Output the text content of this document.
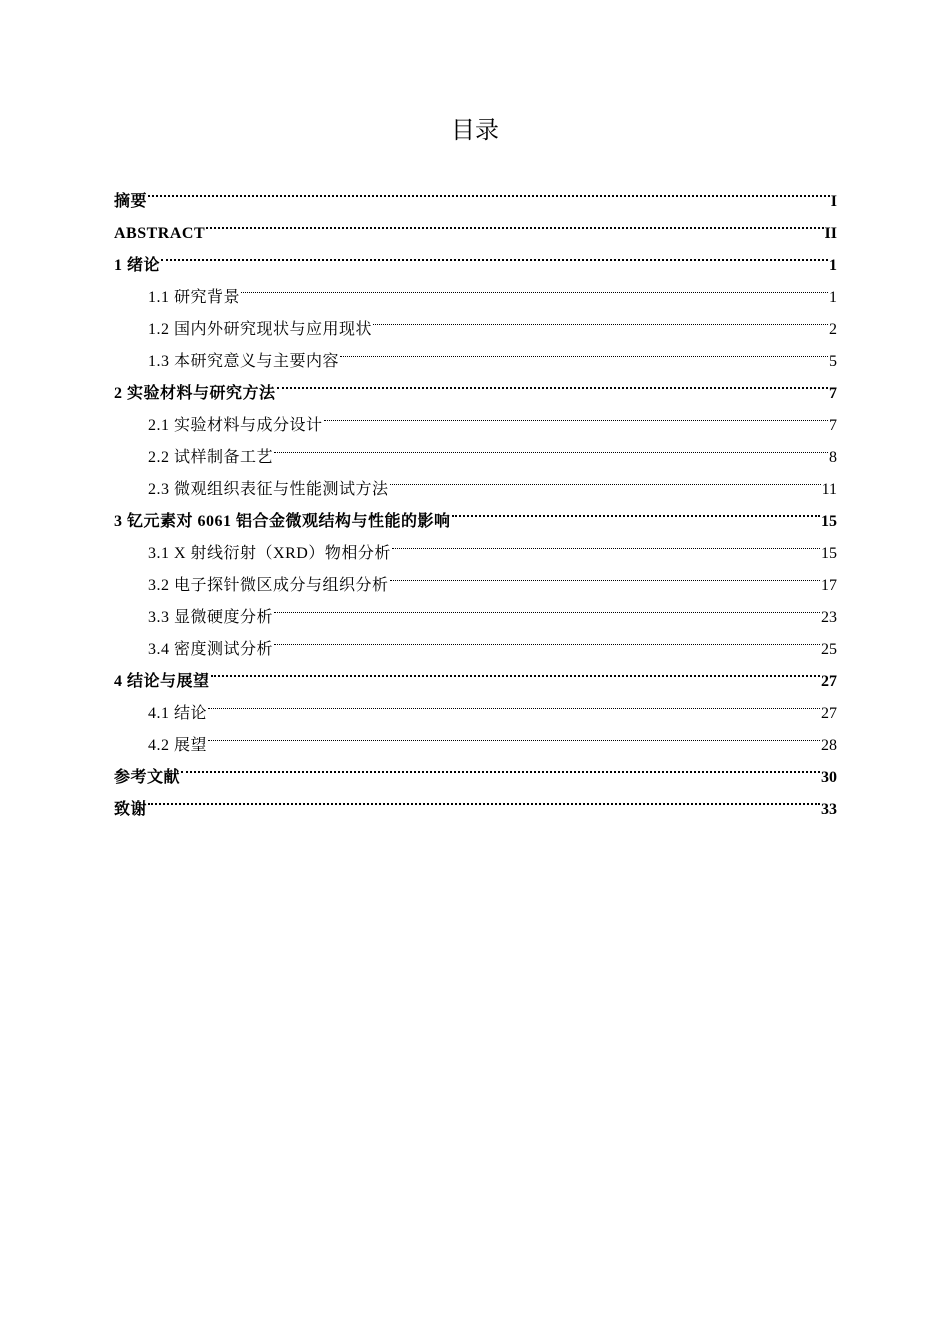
目录
摘要	I
ABSTRACT	II
1 绪论	1
1.1 研究背景	1
1.2 国内外研究现状与应用现状	2
1.3 本研究意义与主要内容	5
2 实验材料与研究方法	7
2.1 实验材料与成分设计	7
2.2 试样制备工艺	8
2.3 微观组织表征与性能测试方法	11
3 钇元素对 6061 铝合金微观结构与性能的影响	15
3.1 X 射线衍射（XRD）物相分析	15
3.2 电子探针微区成分与组织分析	17
3.3 显微硬度分析	23
3.4 密度测试分析	25
4 结论与展望	27
4.1 结论	27
4.2 展望	28
参考文献	30
致谢	33
